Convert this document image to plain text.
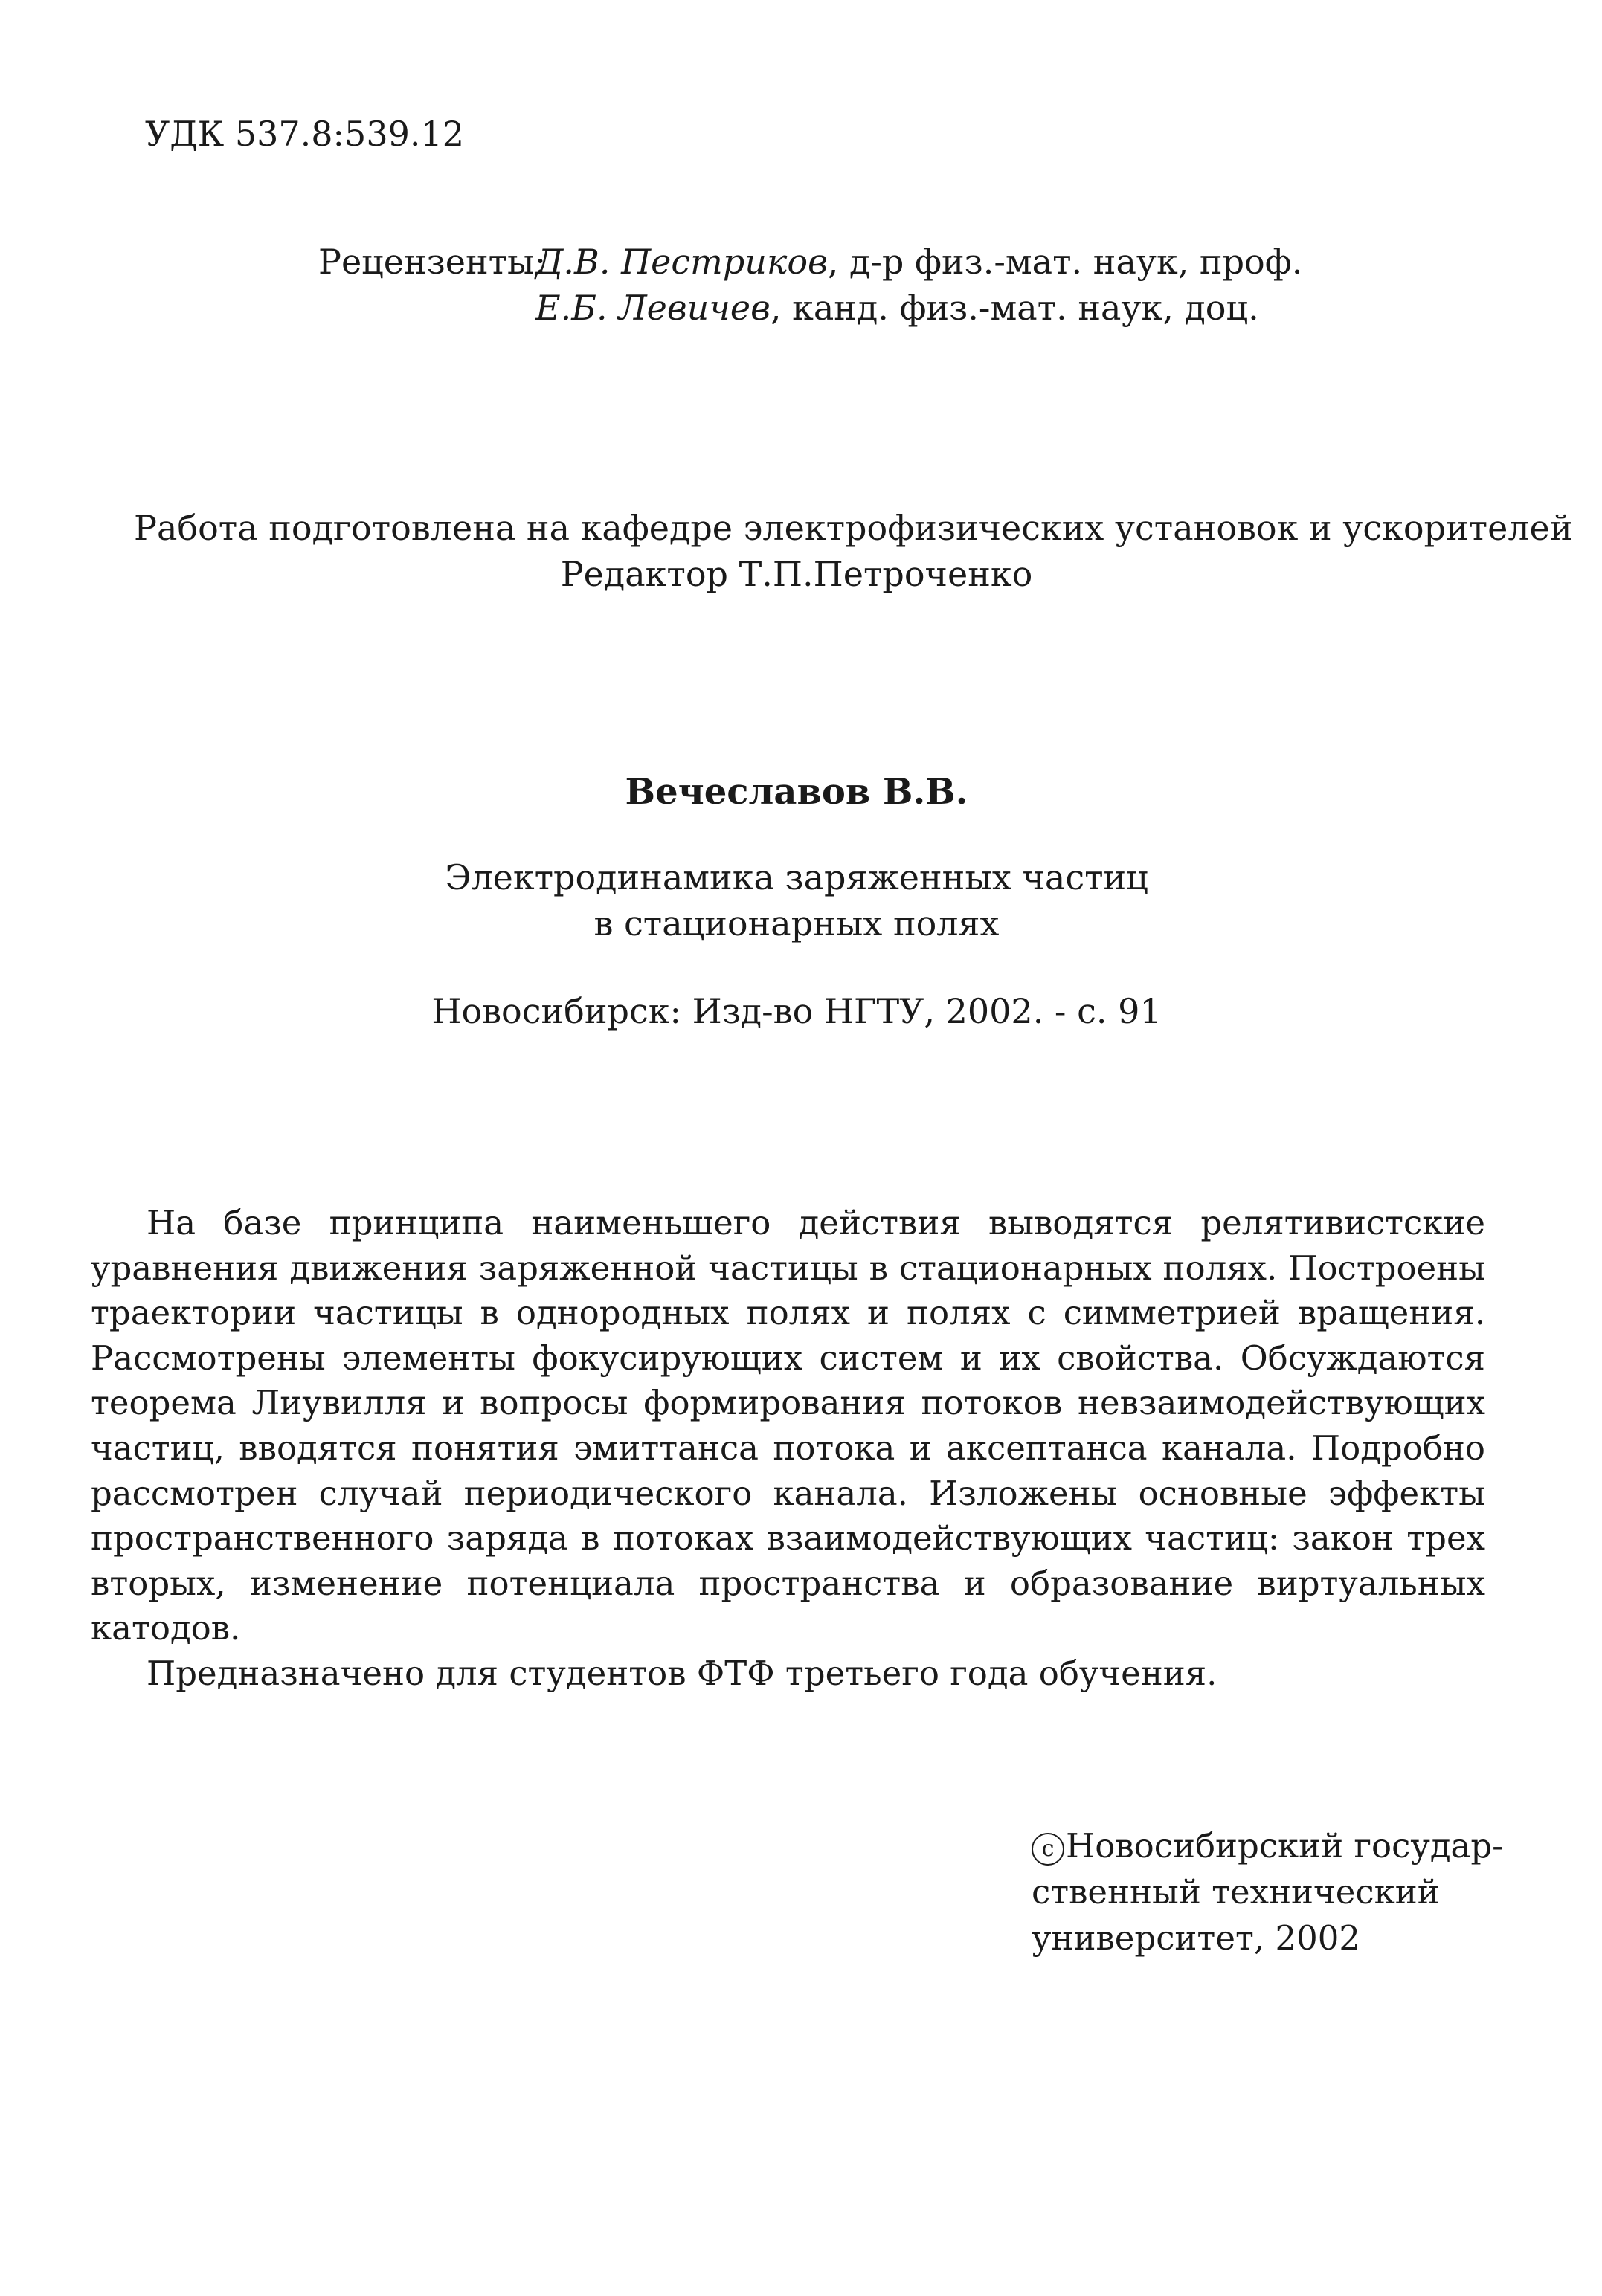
УДК 537.8:539.12
Рецензенты:
Д.В. Пестриков, д-р физ.-мат. наук, проф.
Е.Б. Левичев, канд. физ.-мат. наук, доц.
Работа подготовлена на кафедре электрофизических установок и ускорителей
Редактор Т.П.Петроченко
Вечеславов В.В.
Электродинамика заряженных частиц
в стационарных полях
Новосибирск: Изд-во НГТУ, 2002. - с. 91

На базе принципа наименьшего действия выводятся релятивистские уравнения движения заряженной частицы в стационарных полях. Построены траектории частицы в однородных полях и полях с симметрией вращения. Рассмотрены элементы фокусирующих систем и их свойства. Обсуждаются теорема Лиувилля и вопросы формирования потоков невзаимодействующих частиц, вводятся понятия эмиттанса потока и аксептанса канала. Подробно рассмотрен случай периодического канала. Изложены основные эффекты пространственного заряда в потоках взаимодействующих частиц: закон трех вторых, изменение потенциала пространства и образование виртуальных катодов.

Предназначено для студентов ФТФ третьего года обучения.

c Новосибирский государ-
ственный технический
университет, 2002
